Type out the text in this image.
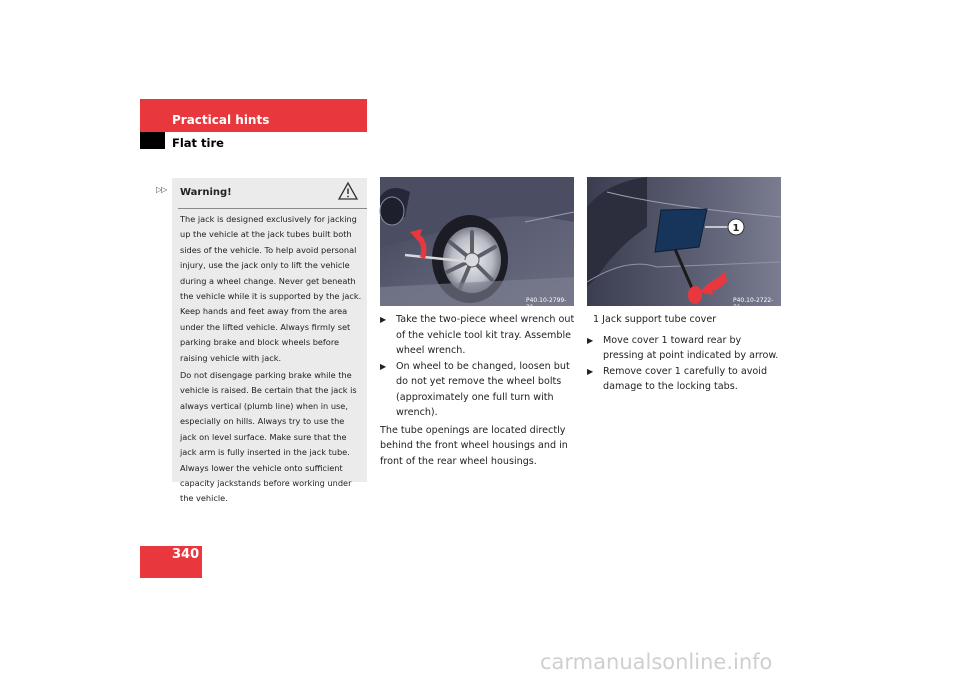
Practical hints
Flat tire
▷▷ Warning!

The jack is designed exclusively for jacking up the vehicle at the jack tubes built both sides of the vehicle. To help avoid personal injury, use the jack only to lift the vehicle during a wheel change. Never get beneath the vehicle while it is supported by the jack. Keep hands and feet away from the area under the lifted vehicle. Always firmly set parking brake and block wheels before raising vehicle with jack.

Do not disengage parking brake while the vehicle is raised. Be certain that the jack is always vertical (plumb line) when in use, especially on hills. Always try to use the jack on level surface. Make sure that the jack arm is fully inserted in the jack tube. Always lower the vehicle onto sufficient capacity jackstands before working under the vehicle.

P40.10-2799-31
1
P40.10-2722-31

▶ Take the two-piece wheel wrench out of the vehicle tool kit tray. Assemble wheel wrench.

▶ On wheel to be changed, loosen but do not yet remove the wheel bolts (approximately one full turn with wrench).

The tube openings are located directly behind the front wheel housings and in front of the rear wheel housings.

1 Jack support tube cover

▶ Move cover 1 toward rear by pressing at point indicated by arrow.

▶ Remove cover 1 carefully to avoid damage to the locking tabs.

340
carmanualsonline.info
